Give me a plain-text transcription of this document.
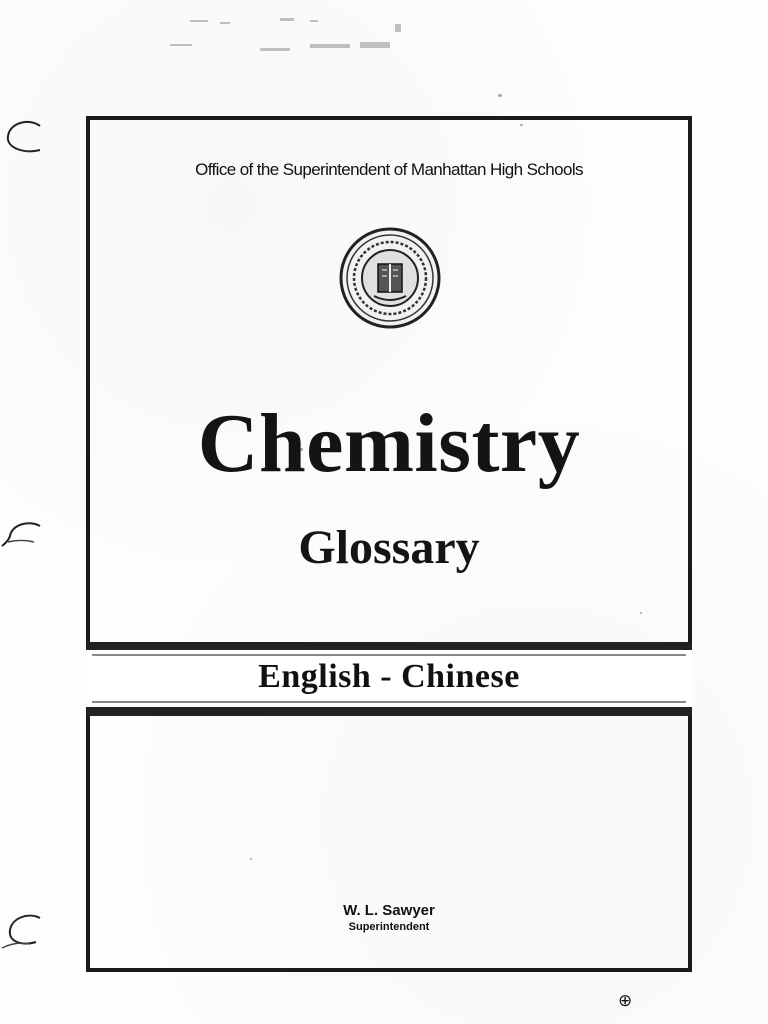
Office of the Superintendent of Manhattan High Schools
Chemistry
Glossary
English - Chinese
W. L. Sawyer
Superintendent
⊕
